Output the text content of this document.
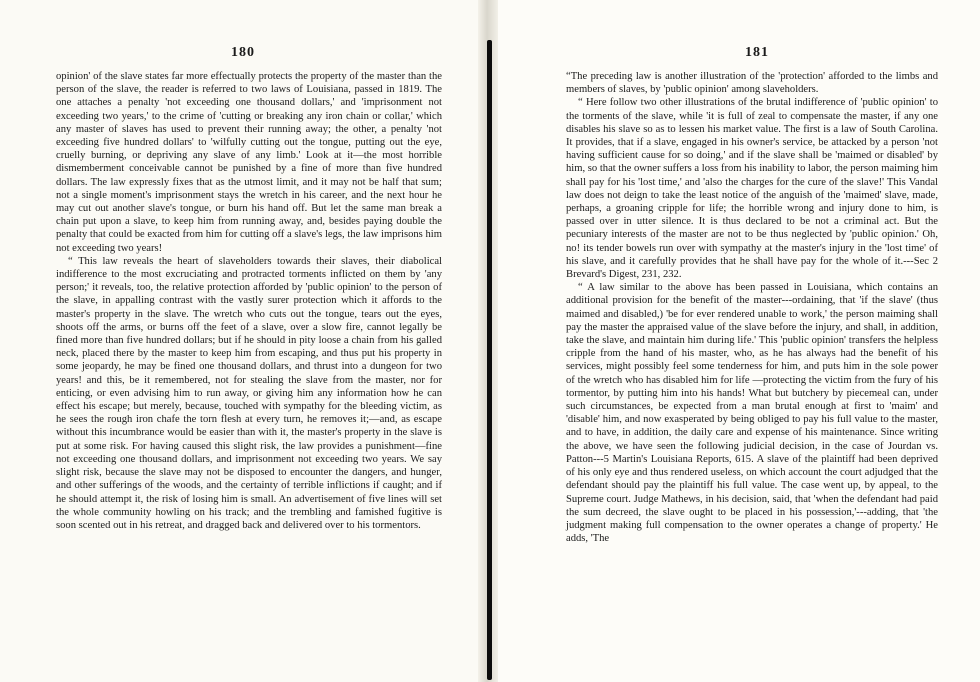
180

opinion' of the slave states far more effectually protects the property of the master than the person of the slave, the reader is referred to two laws of Louisiana, passed in 1819. The one attaches a penalty 'not exceeding one thousand dollars,' and 'imprisonment not exceeding two years,' to the crime of 'cutting or breaking any iron chain or collar,' which any master of slaves has used to prevent their running away; the other, a penalty 'not exceeding five hundred dollars' to 'wilfully cutting out the tongue, putting out the eye, cruelly burning, or depriving any slave of any limb.' Look at it—the most horrible dismemberment conceivable cannot be punished by a fine of more than five hundred dollars. The law expressly fixes that as the utmost limit, and it may not be half that sum; not a single moment's imprisonment stays the wretch in his career, and the next hour he may cut out another slave's tongue, or burn his hand off. But let the same man break a chain put upon a slave, to keep him from running away, and, besides paying double the penalty that could be exacted from him for cutting off a slave's legs, the law imprisons him not exceeding two years!

“ This law reveals the heart of slaveholders towards their slaves, their diabolical indifference to the most excruciating and protracted torments inflicted on them by 'any person;' it reveals, too, the relative protection afforded by 'public opinion' to the person of the slave, in appalling contrast with the vastly surer protection which it affords to the master's property in the slave. The wretch who cuts out the tongue, tears out the eyes, shoots off the arms, or burns off the feet of a slave, over a slow fire, cannot legally be fined more than five hundred dollars; but if he should in pity loose a chain from his galled neck, placed there by the master to keep him from escaping, and thus put his property in some jeopardy, he may be fined one thousand dollars, and thrust into a dungeon for two years! and this, be it remembered, not for stealing the slave from the master, nor for enticing, or even advising him to run away, or giving him any information how he can effect his escape; but merely, because, touched with sympathy for the bleeding victim, as he sees the rough iron chafe the torn flesh at every turn, he removes it;—and, as escape without this incumbrance would be easier than with it, the master's property in the slave is put at some risk. For having caused this slight risk, the law provides a punishment—fine not exceeding one thousand dollars, and imprisonment not exceeding two years. We say slight risk, because the slave may not be disposed to encounter the dangers, and hunger, and other sufferings of the woods, and the certainty of terrible inflictions if caught; and if he should attempt it, the risk of losing him is small. An advertisement of five lines will set the whole community howling on his track; and the trembling and famished fugitive is soon scented out in his retreat, and dragged back and delivered over to his tormentors.

181

“The preceding law is another illustration of the 'protection' afforded to the limbs and members of slaves, by 'public opinion' among slaveholders.

“ Here follow two other illustrations of the brutal indifference of 'public opinion' to the torments of the slave, while 'it is full of zeal to compensate the master, if any one disables his slave so as to lessen his market value. The first is a law of South Carolina. It provides, that if a slave, engaged in his owner's service, be attacked by a person 'not having sufficient cause for so doing,' and if the slave shall be 'maimed or disabled' by him, so that the owner suffers a loss from his inability to labor, the person maiming him shall pay for his 'lost time,' and 'also the charges for the cure of the slave!' This Vandal law does not deign to take the least notice of the anguish of the 'maimed' slave, made, perhaps, a groaning cripple for life; the horrible wrong and injury done to him, is passed over in utter silence. It is thus declared to be not a criminal act. But the pecuniary interests of the master are not to be thus neglected by 'public opinion.' Oh, no! its tender bowels run over with sympathy at the master's injury in the 'lost time' of his slave, and it carefully provides that he shall have pay for the whole of it.---Sec 2 Brevard's Digest, 231, 232.

“ A law similar to the above has been passed in Louisiana, which contains an additional provision for the benefit of the master---ordaining, that 'if the slave' (thus maimed and disabled,) 'be for ever rendered unable to work,' the person maiming shall pay the master the appraised value of the slave before the injury, and shall, in addition, take the slave, and maintain him during life.' This 'public opinion' transfers the helpless cripple from the hand of his master, who, as he has always had the benefit of his services, might possibly feel some tenderness for him, and puts him in the sole power of the wretch who has disabled him for life —protecting the victim from the fury of his tormentor, by putting him into his hands! What but butchery by piecemeal can, under such circumstances, be expected from a man brutal enough at first to 'maim' and 'disable' him, and now exasperated by being obliged to pay his full value to the master, and to have, in addition, the daily care and expense of his maintenance. Since writing the above, we have seen the following judicial decision, in the case of Jourdan vs. Patton---5 Martin's Louisiana Reports, 615. A slave of the plaintiff had been deprived of his only eye and thus rendered useless, on which account the court adjudged that the defendant should pay the plaintiff his full value. The case went up, by appeal, to the Supreme court. Judge Mathews, in his decision, said, that 'when the defendant had paid the sum decreed, the slave ought to be placed in his possession,'---adding, that 'the judgment making full compensation to the owner operates a change of property.' He adds, 'The
